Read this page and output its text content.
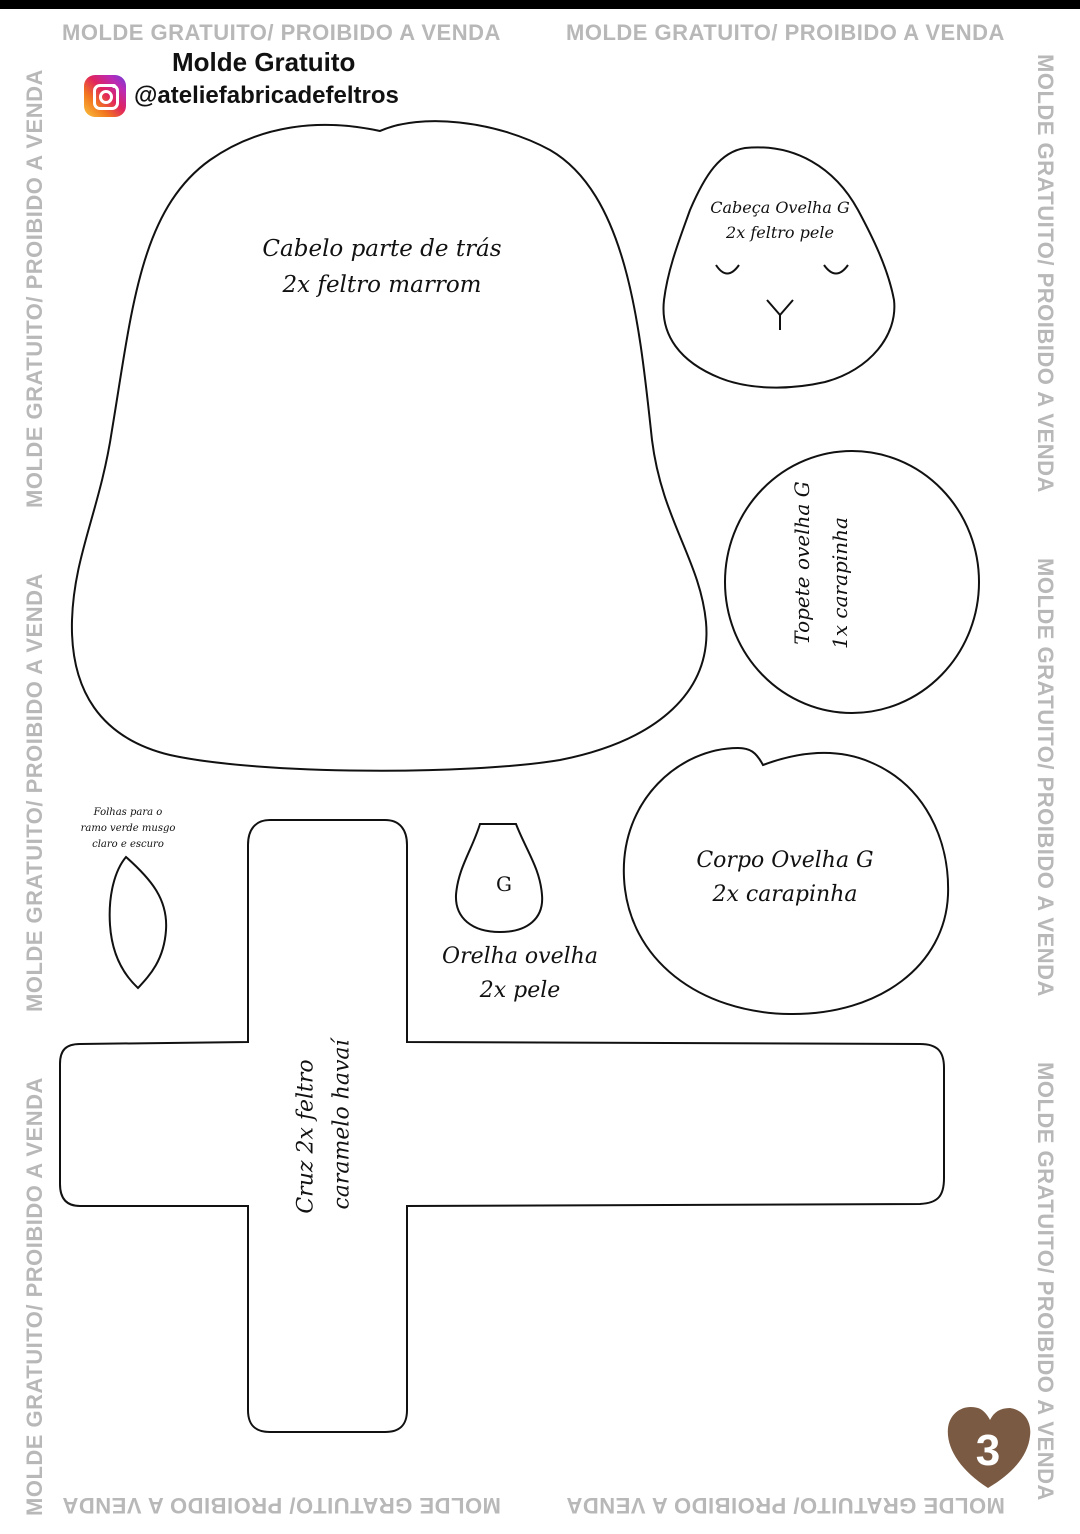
MOLDE GRATUITO/ PROIBIDO A VENDA	MOLDE GRATUITO/ PROIBIDO A VENDA
MOLDE GRATUITO/ PROIBIDO A VENDA	MOLDE GRATUITO/ PROIBIDO A VENDA
MOLDE GRATUITO/ PROIBIDO A VENDA
MOLDE GRATUITO/ PROIBIDO A VENDA
MOLDE GRATUITO/ PROIBIDO A VENDA
MOLDE GRATUITO/ PROIBIDO A VENDA
MOLDE GRATUITO/ PROIBIDO A VENDA
MOLDE GRATUITO/ PROIBIDO A VENDA
Molde Gratuito
@ateliefabricadefeltros
Cabelo parte de trás
2x feltro marrom
Cabeça Ovelha G
2x feltro pele
Topete ovelha G 1x carapinha
Corpo Ovelha G
2x carapinha
Folhas para o
ramo verde musgo
claro e escuro
G
Orelha ovelha
2x pele
Cruz 2x feltro caramelo havaí
3
